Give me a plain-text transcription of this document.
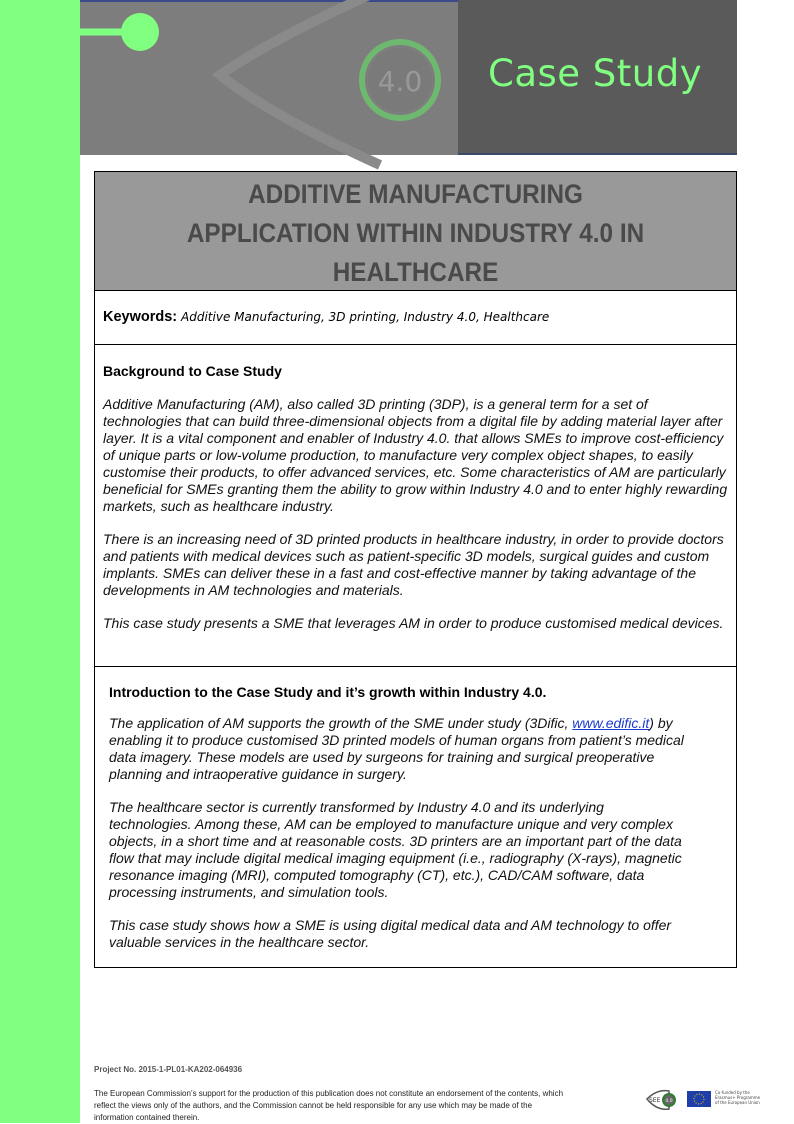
4.0 Case Study
ADDITIVE MANUFACTURING
APPLICATION WITHIN INDUSTRY 4.0 IN
HEALTHCARE
Keywords: Additive Manufacturing, 3D printing, Industry 4.0, Healthcare
Background to Case Study

Additive Manufacturing (AM), also called 3D printing (3DP), is a general term for a set of technologies that can build three-dimensional objects from a digital file by adding material layer after layer. It is a vital component and enabler of Industry 4.0. that allows SMEs to improve cost-efficiency of unique parts or low-volume production, to manufacture very complex object shapes, to easily customise their products, to offer advanced services, etc. Some characteristics of AM are particularly beneficial for SMEs granting them the ability to grow within Industry 4.0 and to enter highly rewarding markets, such as healthcare industry.

There is an increasing need of 3D printed products in healthcare industry, in order to provide doctors and patients with medical devices such as patient-specific 3D models, surgical guides and custom implants. SMEs can deliver these in a fast and cost-effective manner by taking advantage of the developments in AM technologies and materials.

This case study presents a SME that leverages AM in order to produce customised medical devices.

Introduction to the Case Study and it’s growth within Industry 4.0.

The application of AM supports the growth of the SME under study (3Dific, www.edific.it) by enabling it to produce customised 3D printed models of human organs from patient’s medical data imagery. These models are used by surgeons for training and surgical preoperative planning and intraoperative guidance in surgery.

The healthcare sector is currently transformed by Industry 4.0 and its underlying technologies. Among these, AM can be employed to manufacture unique and very complex objects, in a short time and at reasonable costs. 3D printers are an important part of the data flow that may include digital medical imaging equipment (i.e., radiography (X-rays), magnetic resonance imaging (MRI), computed tomography (CT), etc.), CAD/CAM software, data processing instruments, and simulation tools.

This case study shows how a SME is using digital medical data and AM technology to offer valuable services in the healthcare sector.

Project No. 2015-1-PL01-KA202-064936
The European Commission’s support for the production of this publication does not constitute an endorsement of the contents, which reflect the views only of the authors, and the Commission cannot be held responsible for any use which may be made of the information contained therein.
SEE 4.0
Co-funded by the Erasmus+ Programme of the European Union
